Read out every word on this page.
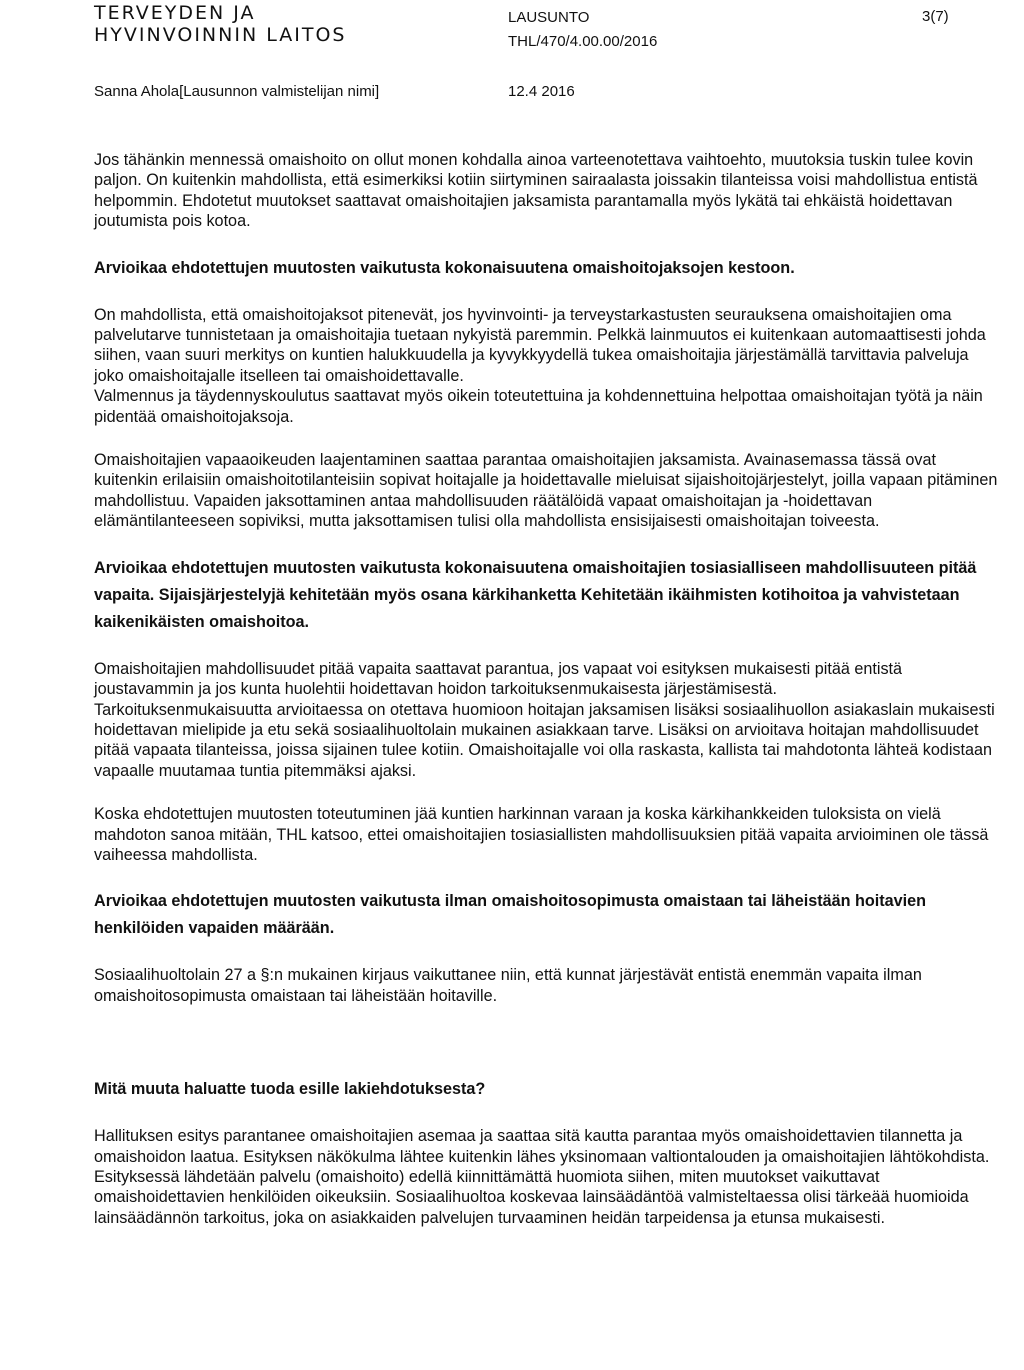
TERVEYDEN JA
HYVINVOINNIN LAITOS
LAUSUNTO
THL/470/4.00.00/2016
3(7)
Sanna Ahola[Lausunnon valmistelijan nimi]	12.4 2016

Jos tähänkin mennessä omaishoito on ollut monen kohdalla ainoa varteenotettava vaihtoehto, muutoksia tuskin tulee kovin paljon. On kuitenkin mahdollista, että esimerkiksi kotiin siirtyminen sairaalasta joissakin tilanteissa voisi mahdollistua entistä helpommin. Ehdotetut muutokset saattavat omaishoitajien jaksamista parantamalla myös lykätä tai ehkäistä hoidettavan joutumista pois kotoa.

Arvioikaa ehdotettujen muutosten vaikutusta kokonaisuutena omaishoitojaksojen kestoon.

On mahdollista, että omaishoitojaksot pitenevät, jos hyvinvointi- ja terveystarkastusten seurauksena omaishoitajien oma palvelutarve tunnistetaan ja omaishoitajia tuetaan nykyistä paremmin. Pelkkä lainmuutos ei kuitenkaan automaattisesti johda siihen, vaan suuri merkitys on kuntien halukkuudella ja kyvykkyydellä tukea omaishoitajia järjestämällä tarvittavia palveluja joko omaishoitajalle itselleen tai omaishoidettavalle.

Valmennus ja täydennyskoulutus saattavat myös oikein toteutettuina ja kohdennettuina helpottaa omaishoitajan työtä ja näin pidentää omaishoitojaksoja.

Omaishoitajien vapaaoikeuden laajentaminen saattaa parantaa omaishoitajien jaksamista. Avainasemassa tässä ovat kuitenkin erilaisiin omaishoitotilanteisiin sopivat hoitajalle ja hoidettavalle mieluisat sijaishoitojärjestelyt, joilla vapaan pitäminen mahdollistuu. Vapaiden jaksottaminen antaa mahdollisuuden räätälöidä vapaat omaishoitajan ja -hoidettavan elämäntilanteeseen sopiviksi, mutta jaksottamisen tulisi olla mahdollista ensisijaisesti omaishoitajan toiveesta.

Arvioikaa ehdotettujen muutosten vaikutusta kokonaisuutena omaishoitajien tosiasialliseen mahdollisuuteen pitää vapaita. Sijaisjärjestelyjä kehitetään myös osana kärkihanketta Kehitetään ikäihmisten kotihoitoa ja vahvistetaan kaikenikäisten omaishoitoa.

Omaishoitajien mahdollisuudet pitää vapaita saattavat parantua, jos vapaat voi esityksen mukaisesti pitää entistä joustavammin ja jos kunta huolehtii hoidettavan hoidon tarkoituksenmukaisesta järjestämisestä.

Tarkoituksenmukaisuutta arvioitaessa on otettava huomioon hoitajan jaksamisen lisäksi sosiaalihuollon asiakaslain mukaisesti hoidettavan mielipide ja etu sekä sosiaalihuoltolain mukainen asiakkaan tarve. Lisäksi on arvioitava hoitajan mahdollisuudet pitää vapaata tilanteissa, joissa sijainen tulee kotiin. Omaishoitajalle voi olla raskasta, kallista tai mahdotonta lähteä kodistaan vapaalle muutamaa tuntia pitemmäksi ajaksi.

Koska ehdotettujen muutosten toteutuminen jää kuntien harkinnan varaan ja koska kärkihankkeiden tuloksista on vielä mahdoton sanoa mitään, THL katsoo, ettei omaishoitajien tosiasiallisten mahdollisuuksien pitää vapaita arvioiminen ole tässä vaiheessa mahdollista.

Arvioikaa ehdotettujen muutosten vaikutusta ilman omaishoitosopimusta omaistaan tai läheistään hoitavien henkilöiden vapaiden määrään.

Sosiaalihuoltolain 27 a §:n mukainen kirjaus vaikuttanee niin, että kunnat järjestävät entistä enemmän vapaita ilman omaishoitosopimusta omaistaan tai läheistään hoitaville.

Mitä muuta haluatte tuoda esille lakiehdotuksesta?

Hallituksen esitys parantanee omaishoitajien asemaa ja saattaa sitä kautta parantaa myös omaishoidettavien tilannetta ja omaishoidon laatua. Esityksen näkökulma lähtee kuitenkin lähes yksinomaan valtiontalouden ja omaishoitajien lähtökohdista. Esityksessä lähdetään palvelu (omaishoito) edellä kiinnittämättä huomiota siihen, miten muutokset vaikuttavat omaishoidettavien henkilöiden oikeuksiin. Sosiaalihuoltoa koskevaa lainsäädäntöä valmisteltaessa olisi tärkeää huomioida lainsäädännön tarkoitus, joka on asiakkaiden palvelujen turvaaminen heidän tarpeidensa ja etunsa mukaisesti.
